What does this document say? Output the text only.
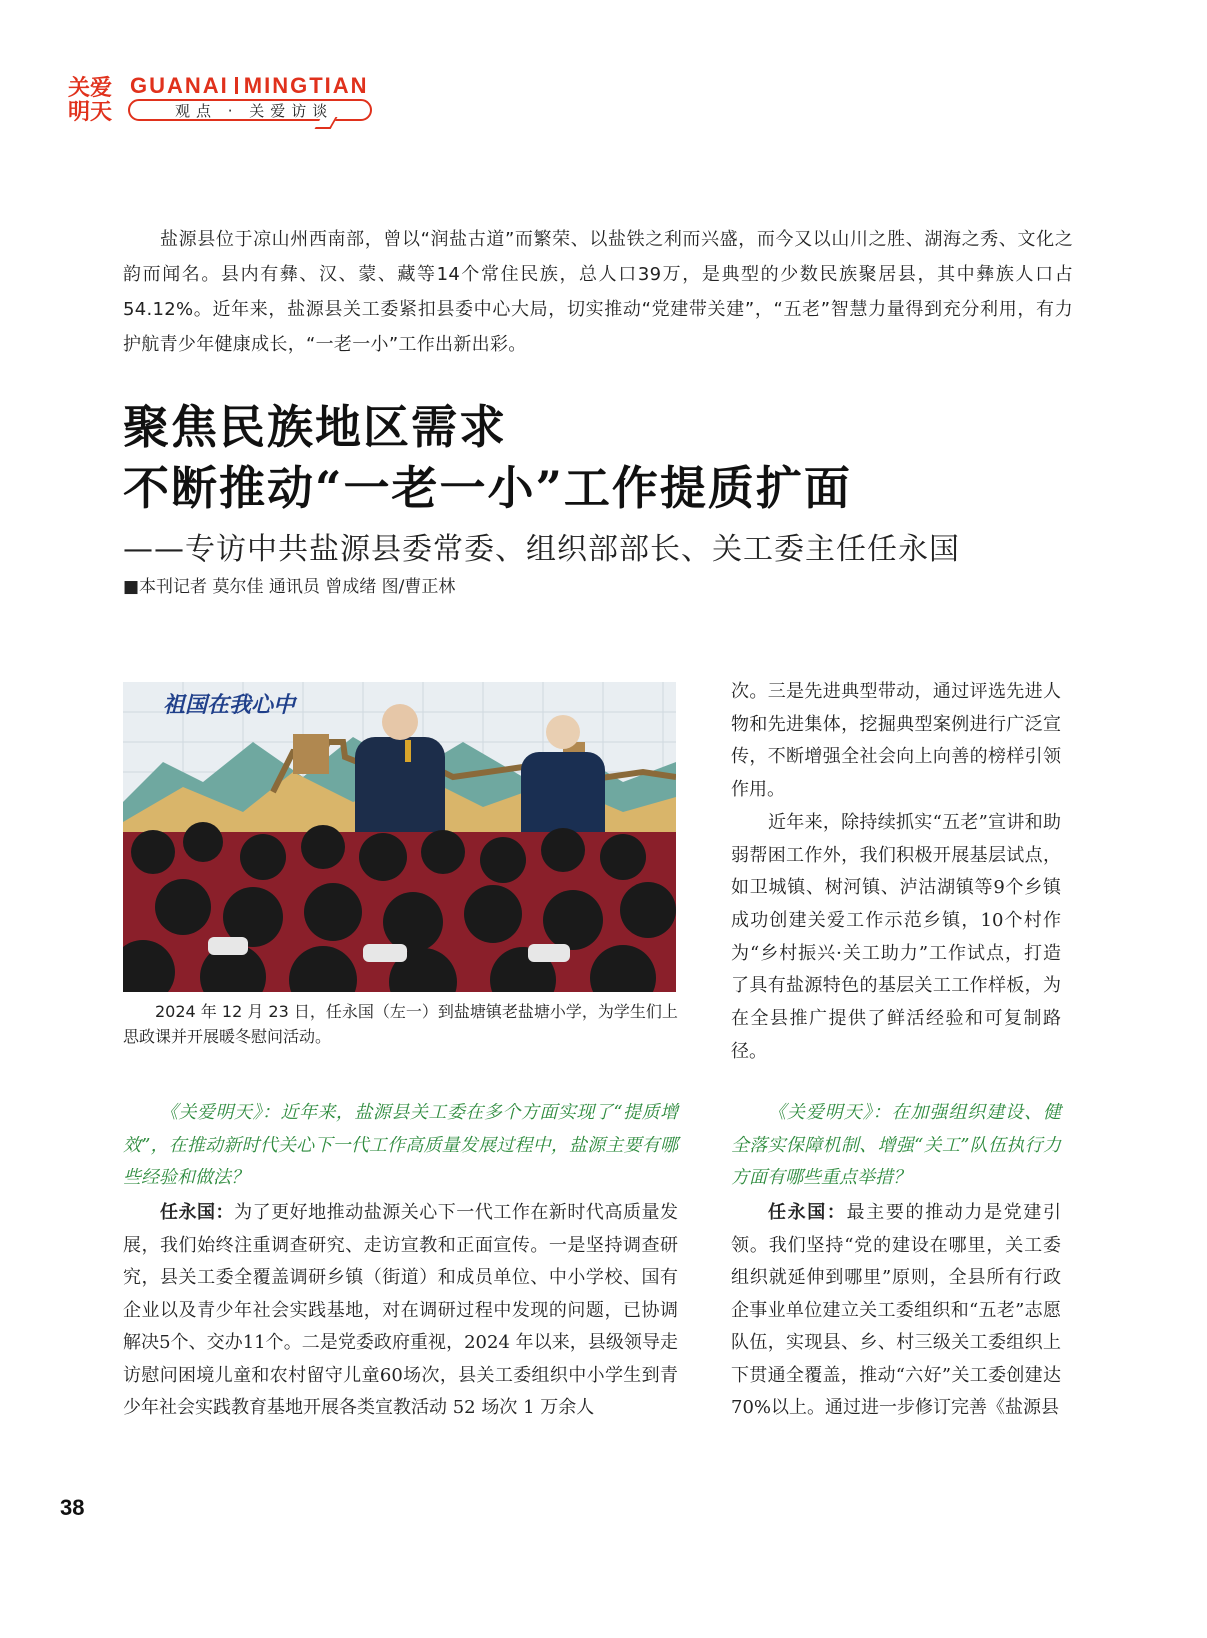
关爱明天
GUANAI MINGTIAN
观点 · 关爱访谈
盐源县位于凉山州西南部，曾以“润盐古道”而繁荣、以盐铁之利而兴盛，而今又以山川之胜、湖海之秀、文化之韵而闻名。县内有彝、汉、蒙、藏等14个常住民族，总人口39万，是典型的少数民族聚居县，其中彝族人口占54.12%。近年来，盐源县关工委紧扣县委中心大局，切实推动“党建带关建”，“五老”智慧力量得到充分利用，有力护航青少年健康成长，“一老一小”工作出新出彩。
聚焦民族地区需求
不断推动“一老一小”工作提质扩面
——专访中共盐源县委常委、组织部部长、关工委主任任永国
■本刊记者 莫尔佳 通讯员 曾成绪 图/曹正林
祖国在我心中
2024 年 12 月 23 日，任永国（左一）到盐塘镇老盐塘小学，为学生们上思政课并开展暖冬慰问活动。

次。三是先进典型带动，通过评选先进人物和先进集体，挖掘典型案例进行广泛宣传，不断增强全社会向上向善的榜样引领作用。

近年来，除持续抓实“五老”宣讲和助弱帮困工作外，我们积极开展基层试点，如卫城镇、树河镇、泸沽湖镇等9个乡镇成功创建关爱工作示范乡镇，10个村作为“乡村振兴·关工助力”工作试点，打造了具有盐源特色的基层关工工作样板，为在全县推广提供了鲜活经验和可复制路径。

《关爱明天》：近年来，盐源县关工委在多个方面实现了“提质增效”，在推动新时代关心下一代工作高质量发展过程中，盐源主要有哪些经验和做法？
任永国：为了更好地推动盐源关心下一代工作在新时代高质量发展，我们始终注重调查研究、走访宣教和正面宣传。一是坚持调查研究，县关工委全覆盖调研乡镇（街道）和成员单位、中小学校、国有企业以及青少年社会实践基地，对在调研过程中发现的问题，已协调解决5个、交办11个。二是党委政府重视，2024 年以来，县级领导走访慰问困境儿童和农村留守儿童60场次，县关工委组织中小学生到青少年社会实践教育基地开展各类宣教活动 52 场次 1 万余人
《关爱明天》：在加强组织建设、健全落实保障机制、增强“关工”队伍执行力方面有哪些重点举措？
任永国：最主要的推动力是党建引领。我们坚持“党的建设在哪里，关工委组织就延伸到哪里”原则，全县所有行政企事业单位建立关工委组织和“五老”志愿队伍，实现县、乡、村三级关工委组织上下贯通全覆盖，推动“六好”关工委创建达70%以上。通过进一步修订完善《盐源县
38
